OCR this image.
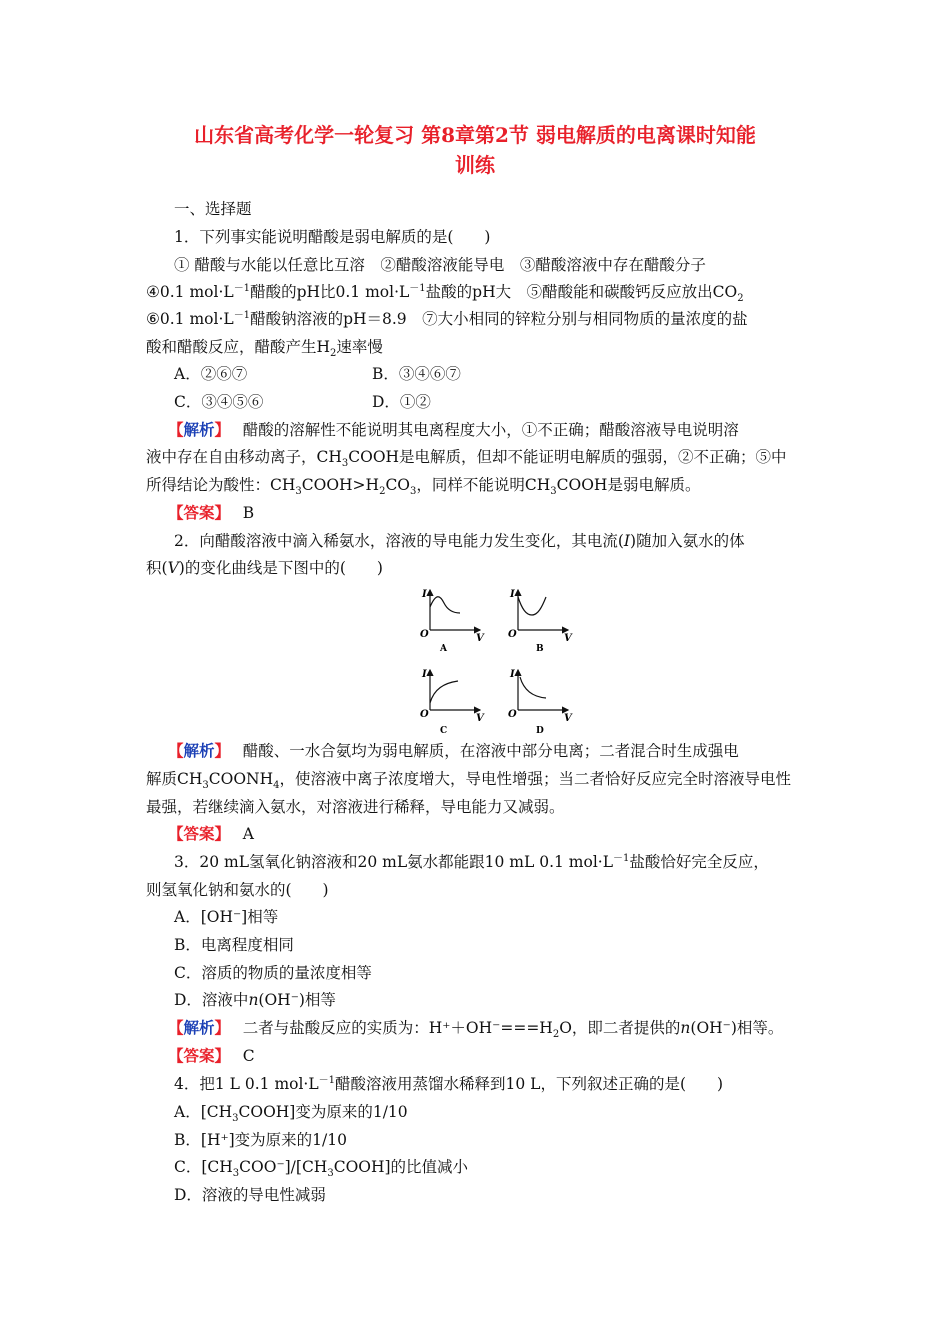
山东省高考化学一轮复习 第8章第2节 弱电解质的电离课时知能
训练
一、选择题
1．下列事实能说明醋酸是弱电解质的是(　　)
① 醋酸与水能以任意比互溶　②醋酸溶液能导电　③醋酸溶液中存在醋酸分子
④0.1 $mol\cdot L^{-1}$醋酸的pH比0.1 $mol\cdot L^{-1}$盐酸的pH大　⑤醋酸能和碳酸钙反应放出$CO_2$
⑥0.1 $mol\cdot L^{-1}$醋酸钠溶液的pH＝8.9　⑦大小相同的锌粒分别与相同物质的量浓度的盐
酸和醋酸反应，醋酸产生$H_2$速率慢
A．②⑥⑦	B．③④⑥⑦
C．③④⑤⑥	D．①②
【解析】　 醋酸的溶解性不能说明其电离程度大小，①不正确；醋酸溶液导电说明溶
液中存在自由移动离子，$CH_3COOH$是电解质，但却不能证明电解质的强弱，②不正确；⑤中
所得结论为酸性：$CH_3COOH>H_2CO_3$，同样不能说明$CH_3COOH$是弱电解质。
【答案】　 B
2．向醋酸溶液中滴入稀氨水，溶液的导电能力发生变化，其电流(I)随加入氨水的体
积(V)的变化曲线是下图中的(　　)
I
O	V
A
I
O	V
B
I
O	V
C
I
O	V
D
【解析】　 醋酸、一水合氨均为弱电解质，在溶液中部分电离；二者混合时生成强电
解质$CH_3COONH_4$，使溶液中离子浓度增大，导电性增强；当二者恰好反应完全时溶液导电性
最强，若继续滴入氨水，对溶液进行稀释，导电能力又减弱。
【答案】　 A
3．20 mL氢氧化钠溶液和20 mL氨水都能跟10 mL 0.1 $mol\cdot L^{-1}$盐酸恰好完全反应，
则氢氧化钠和氨水的(　　)
A．[OH⁻]相等
B．电离程度相同
C．溶质的物质的量浓度相等
D．溶液中n(OH⁻)相等
【解析】　 二者与盐酸反应的实质为：$H^++OH^-===H_2O$，即二者提供的n(OH⁻)相等。
【答案】　 C
4．把1 L 0.1 $mol\cdot L^{-1}$醋酸溶液用蒸馏水稀释到10 L，下列叙述正确的是(　　)
A．$[CH_3COOH]$变为原来的1/10
B．[H⁺]变为原来的1/10
C．$[CH_3COO^-]/[CH_3COOH]$的比值减小
D．溶液的导电性减弱
